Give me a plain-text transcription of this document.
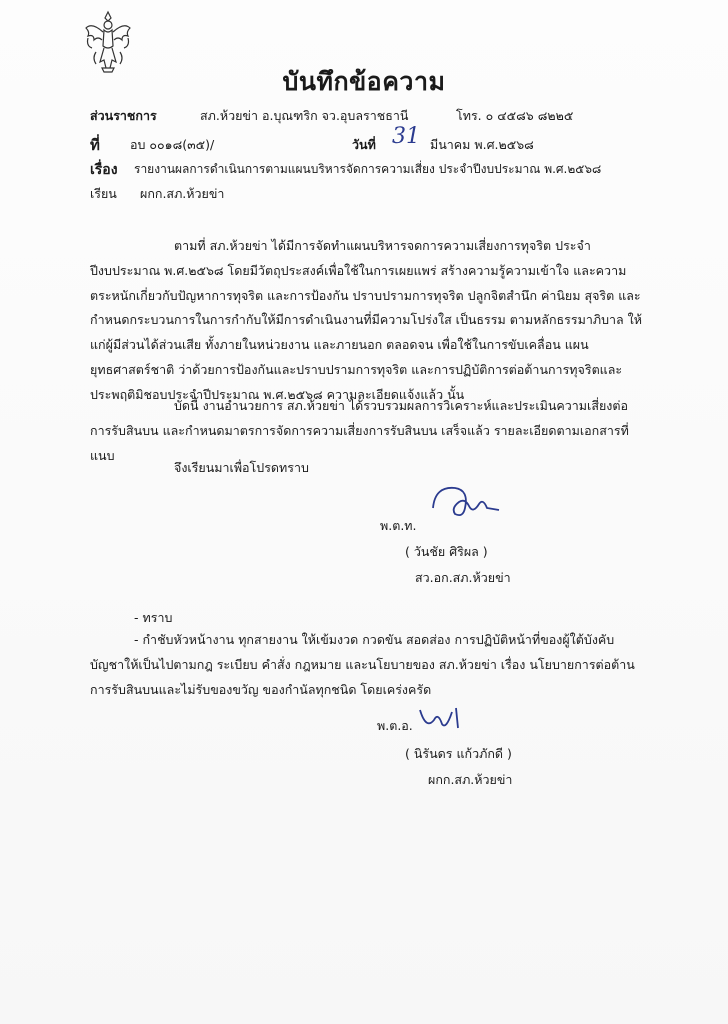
บันทึกข้อความ
ส่วนราชการ	สภ.ห้วยข่า อ.บุณฑริก จว.อุบลราชธานี	โทร. ๐ ๔๕๘๖ ๘๒๒๕
ที่ อบ ๐๐๑๘(๓๕)/	วันที่ 31 มีนาคม พ.ศ.๒๕๖๘
เรื่อง รายงานผลการดำเนินการตามแผนบริหารจัดการความเสี่ยง ประจำปีงบประมาณ พ.ศ.๒๕๖๘
เรียน ผกก.สภ.ห้วยข่า
ตามที่ สภ.ห้วยข่า ได้มีการจัดทำแผนบริหารจดการความเสี่ยงการทุจริต ประจำปีงบประมาณ พ.ศ.๒๕๖๘ โดยมีวัตถุประสงค์เพื่อใช้ในการเผยแพร่ สร้างความรู้ความเข้าใจ และความตระหนักเกี่ยวกับปัญหาการทุจริต และการป้องกัน ปราบปรามการทุจริต ปลูกจิตสำนึก ค่านิยม สุจริต และกำหนดกระบวนการในการกำกับให้มีการดำเนินงานที่มีความโปร่งใส เป็นธรรม ตามหลักธรรมาภิบาล ให้แก่ผู้มีส่วนได้ส่วนเสีย ทั้งภายในหน่วยงาน และภายนอก ตลอดจน เพื่อใช้ในการขับเคลื่อน แผนยุทธศาสตร์ชาติ ว่าด้วยการป้องกันและปราบปรามการทุจริต และการปฏิบัติการต่อต้านการทุจริตและประพฤติมิชอบประจำปีประมาณ พ.ศ.๒๕๖๘ ความละเอียดแจ้งแล้ว นั้น
บัดนี้ งานอำนวยการ สภ.ห้วยข่า ได้รวบรวมผลการวิเคราะห์และประเมินความเสี่ยงต่อการรับสินบน และกำหนดมาตรการจัดการความเสี่ยงการรับสินบน เสร็จแล้ว รายละเอียดตามเอกสารที่แนบ
จึงเรียนมาเพื่อโปรดทราบ
พ.ต.ท.
( วันชัย ศิริผล )
สว.อก.สภ.ห้วยข่า
- ทราบ
- กำชับหัวหน้างาน ทุกสายงาน ให้เข้มงวด กวดขัน สอดส่อง การปฏิบัติหน้าที่ของผู้ใต้บังคับบัญชาให้เป็นไปตามกฎ ระเบียบ คำสั่ง กฎหมาย และนโยบายของ สภ.ห้วยข่า เรื่อง นโยบายการต่อต้านการรับสินบนและไม่รับของขวัญ ของกำนัลทุกชนิด โดยเคร่งครัด
พ.ต.อ.
( นิรันดร แก้วภักดี )
ผกก.สภ.ห้วยข่า
